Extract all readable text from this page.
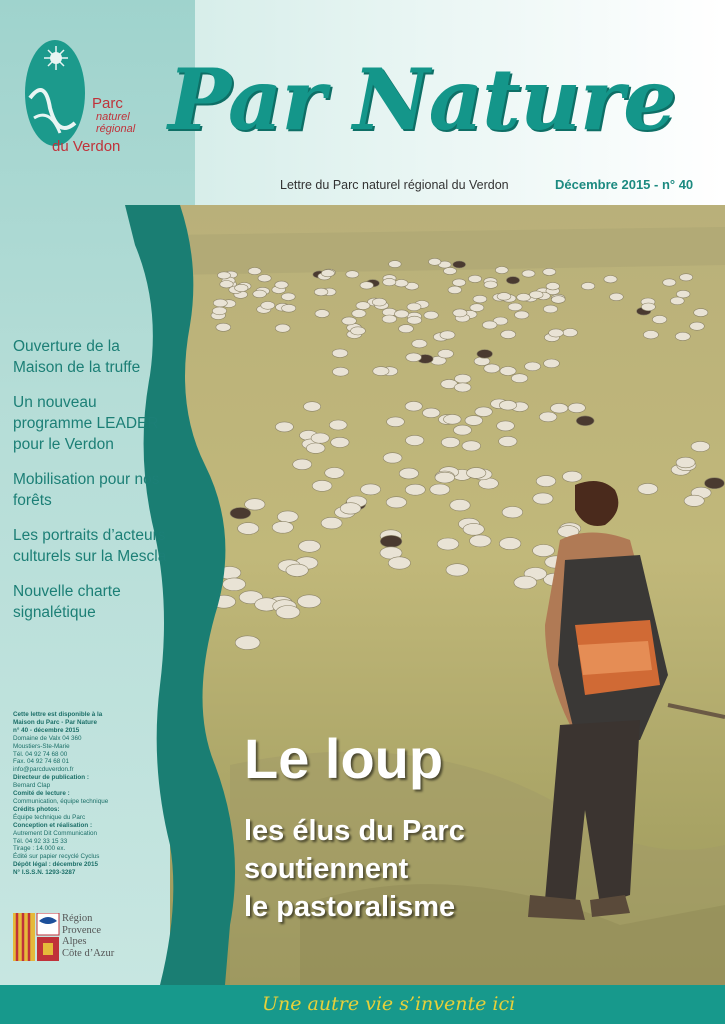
Parc
naturel
régional
du Verdon Par Nature
Lettre du Parc naturel régional du Verdon	Décembre 2015 - n° 40
Ouverture de la Maison de la truffe
Un nouveau programme LEADER pour le Verdon
Mobilisation pour nos forêts
Les portraits d’acteurs culturels sur la Mescla
Nouvelle charte signalétique
Cette lettre est disponible à la
Maison du Parc - Par Nature
n° 40 - décembre 2015
Domaine de Valx 04 360
Moustiers-Ste-Marie
Tél. 04 92 74 68 00
Fax. 04 92 74 68 01
info@parcduverdon.fr
Directeur de publication :
Bernard Clap
Comité de lecture :
Communication, équipe technique
Crédits photos:
Équipe technique du Parc
Conception et réalisation :
Autrement Dit Communication
Tél. 04 92 33 15 33
Tirage : 14.000 ex.
Édité sur papier recyclé Cyclus
Dépôt légal : décembre 2015
N° I.S.S.N. 1293-3287
Région
Provence
Alpes
Côte d’Azur
Le loup
les élus du Parc
soutiennent
le pastoralisme
Une autre vie s’invente ici
